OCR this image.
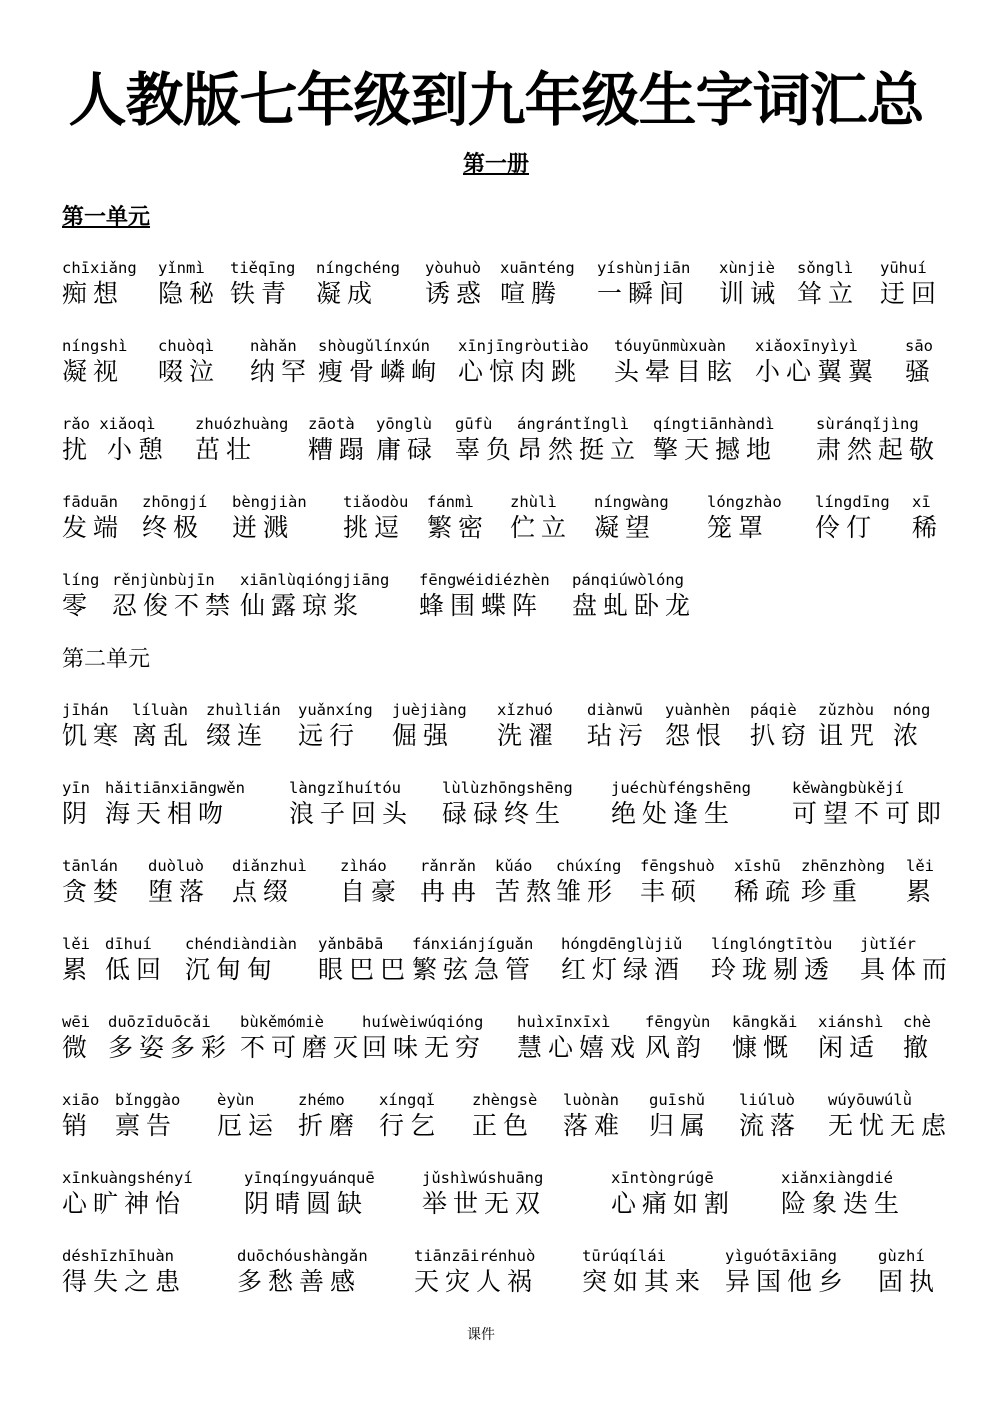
人教版七年级到九年级生字词汇总
第一册
第一单元
chīxiǎng
痴想
yǐnmì
隐秘
tiěqīng
铁青
níngchéng
凝成
yòuhuò
诱惑
xuānténg
喧腾
yíshùnjiān
一瞬间
xùnjiè
训诫
sǒnglì
耸立
yūhuí
迂回
níngshì
凝视
chuòqì
啜泣
nàhǎn
纳罕
shòugǔlínxún
瘦骨嶙峋
xīnjīngròutiào
心惊肉跳
tóuyūnmùxuàn
头晕目眩
xiǎoxīnyìyì
小心翼翼
sāo
骚
rǎo xiǎoqì
扰 小憩
zhuózhuàng
茁壮
zāotà
糟蹋
yōnglù
庸碌
gūfù
辜负
ángrántǐnglì
昂然挺立
qíngtiānhàndì
擎天撼地
sùránqǐjìng
肃然起敬
fāduān
发端
zhōngjí
终极
bèngjiàn
迸溅
tiǎodòu
挑逗
fánmì
繁密
zhùlì
伫立
níngwàng
凝望
lóngzhào
笼罩
língdīng
伶仃
xī
稀
líng
零
rěnjùnbùjīn
忍俊不禁
xiānlùqióngjiāng
仙露琼浆
fēngwéidiézhèn
蜂围蝶阵
pánqiúwòlóng
盘虬卧龙
第二单元
jīhán
饥寒
líluàn
离乱
zhuìlián
缀连
yuǎnxíng
远行
juèjiàng
倔强
xǐzhuó
洗濯
diànwū
玷污
yuànhèn
怨恨
páqiè
扒窃
zǔzhòu
诅咒
nóng
浓
yīn
阴
hǎitiānxiāngwěn
海天相吻
làngzǐhuítóu
浪子回头
lùlùzhōngshēng
碌碌终生
juéchùféngshēng
绝处逢生
kěwàngbùkějí
可望不可即
tānlán
贪婪
duòluò
堕落
diǎnzhuì
点缀
zìháo
自豪
rǎnrǎn
冉冉
kǔáo
苦熬
chúxíng
雏形
fēngshuò
丰硕
xīshū
稀疏
zhēnzhòng
珍重
lěi
累
lěi
累
dīhuí
低回
chéndiàndiàn
沉甸甸
yǎnbābā
眼巴巴
fánxiánjíguǎn
繁弦急管
hóngdēnglùjiǔ
红灯绿酒
línglóngtītòu
玲珑剔透
jùtǐér
具体而
wēi
微
duōzīduōcǎi
多姿多彩
bùkěmómiè
不可磨灭
huíwèiwúqióng
回味无穷
huìxīnxīxì
慧心嬉戏
fēngyùn
风韵
kāngkǎi
慷慨
xiánshì
闲适
chè
撤
xiāo
销
bǐnggào
禀告
èyùn
厄运
zhémo
折磨
xíngqǐ
行乞
zhèngsè
正色
luònàn
落难
guīshǔ
归属
liúluò
流落
wúyōuwúlǜ
无忧无虑
xīnkuàngshényí
心旷神怡
yīnqíngyuánquē
阴晴圆缺
jǔshìwúshuāng
举世无双
xīntòngrúgē
心痛如割
xiǎnxiàngdié
险象迭生
déshīzhīhuàn
得失之患
duōchóushàngǎn
多愁善感
tiānzāirénhuò
天灾人祸
tūrúqílái
突如其来
yìguótāxiāng
异国他乡
gùzhí
固执
课件
